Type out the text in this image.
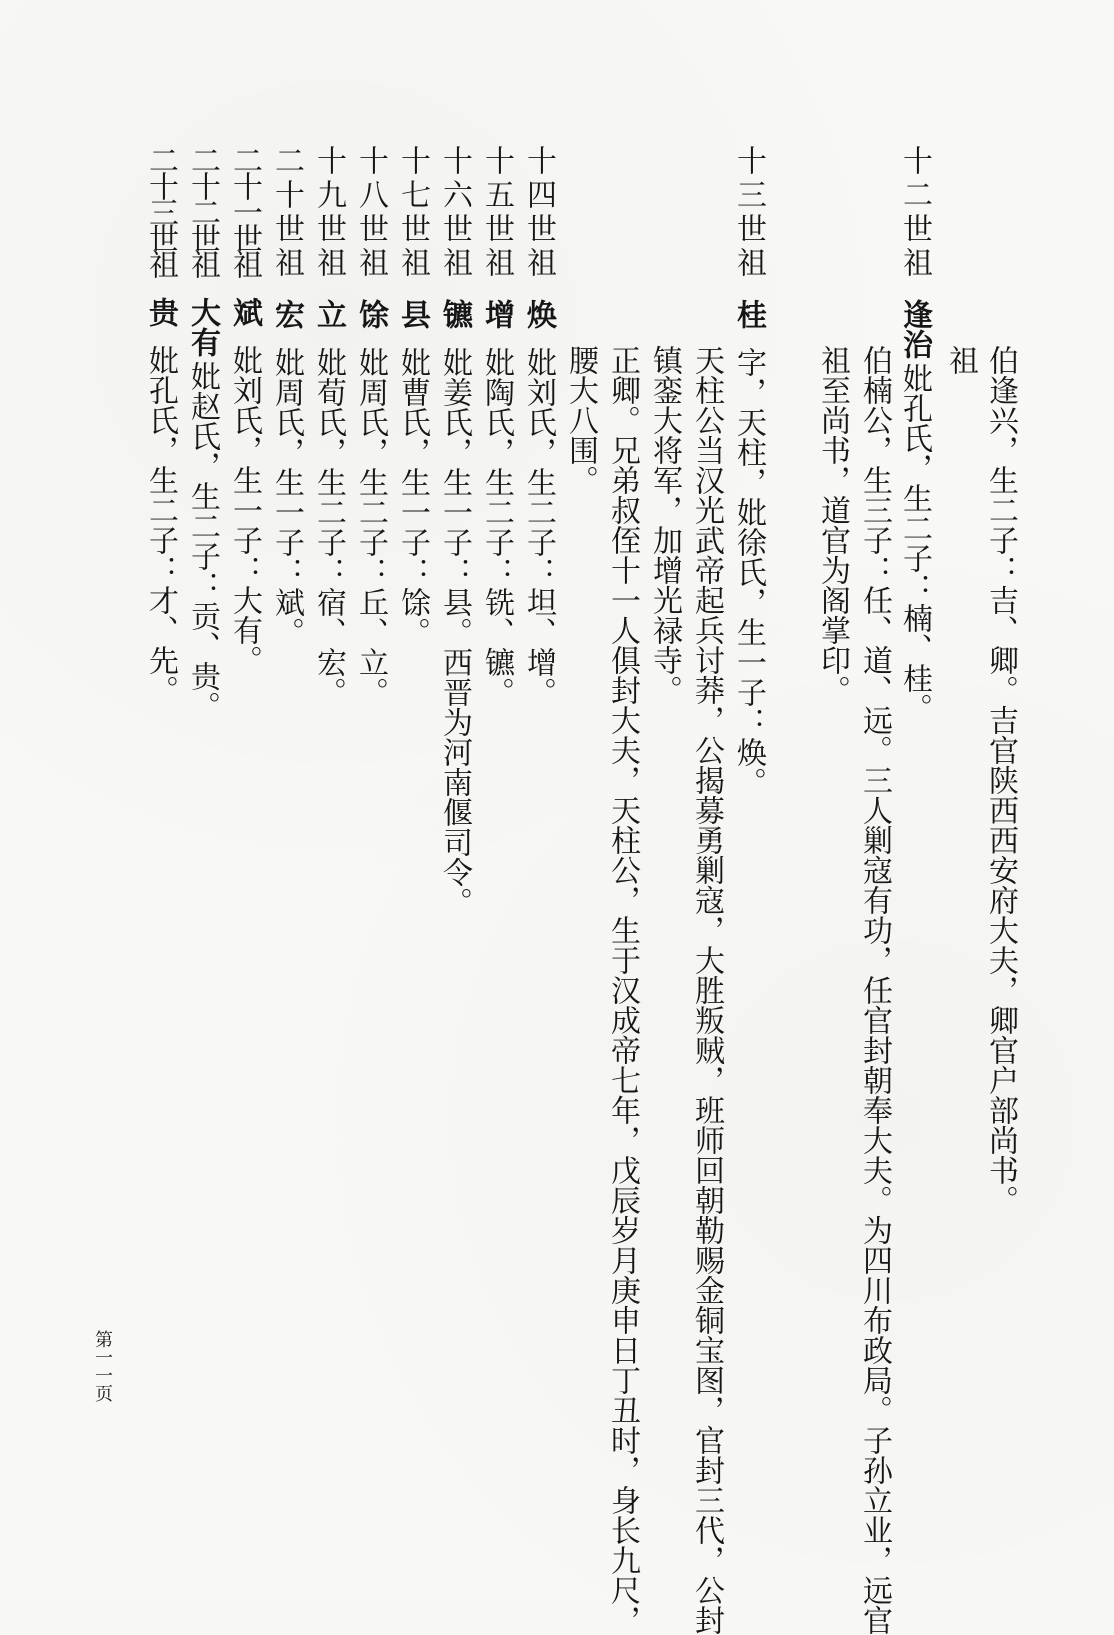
伯逢兴，生二子：吉、卿。吉官陕西西安府大夫，卿官户部尚书。
祖
十二世祖逢治妣孔氏，生二子：楠、桂。
伯楠公，生三子：任、道、远。三人剿寇有功，任官封朝奉大夫。为四川布政局。子孙立业，远官
祖至尚书，道官为阁掌印。
十三世祖桂字，天柱，妣徐氏，生一子：焕。
天柱公当汉光武帝起兵讨莽，公揭募勇剿寇，大胜叛贼，班师回朝勒赐金铜宝图，官封三代，公封
镇銮大将军，加增光禄寺。
正卿。兄弟叔侄十一人俱封大夫，天柱公，生于汉成帝七年，戊辰岁月庚申日丁丑时，身长九尺，
腰大八围。
十四世祖焕妣刘氏，生二子：坦、增。
十五世祖增妣陶氏，生二子：铣、镳。
十六世祖镳妣姜氏，生一子：县。西晋为河南偃司令。
十七世祖县妣曹氏，生一子：馀。
十八世祖馀妣周氏，生二子：丘、立。
十九世祖立妣荀氏，生二子：宿、宏。
二十世祖宏妣周氏，生一子：斌。
二十一世祖斌妣刘氏，生一子：大有。
二十二世祖大有妣赵氏，生二子：贡、贵。
二十三世祖贵妣孔氏，生二子：才、先。
第一一页
